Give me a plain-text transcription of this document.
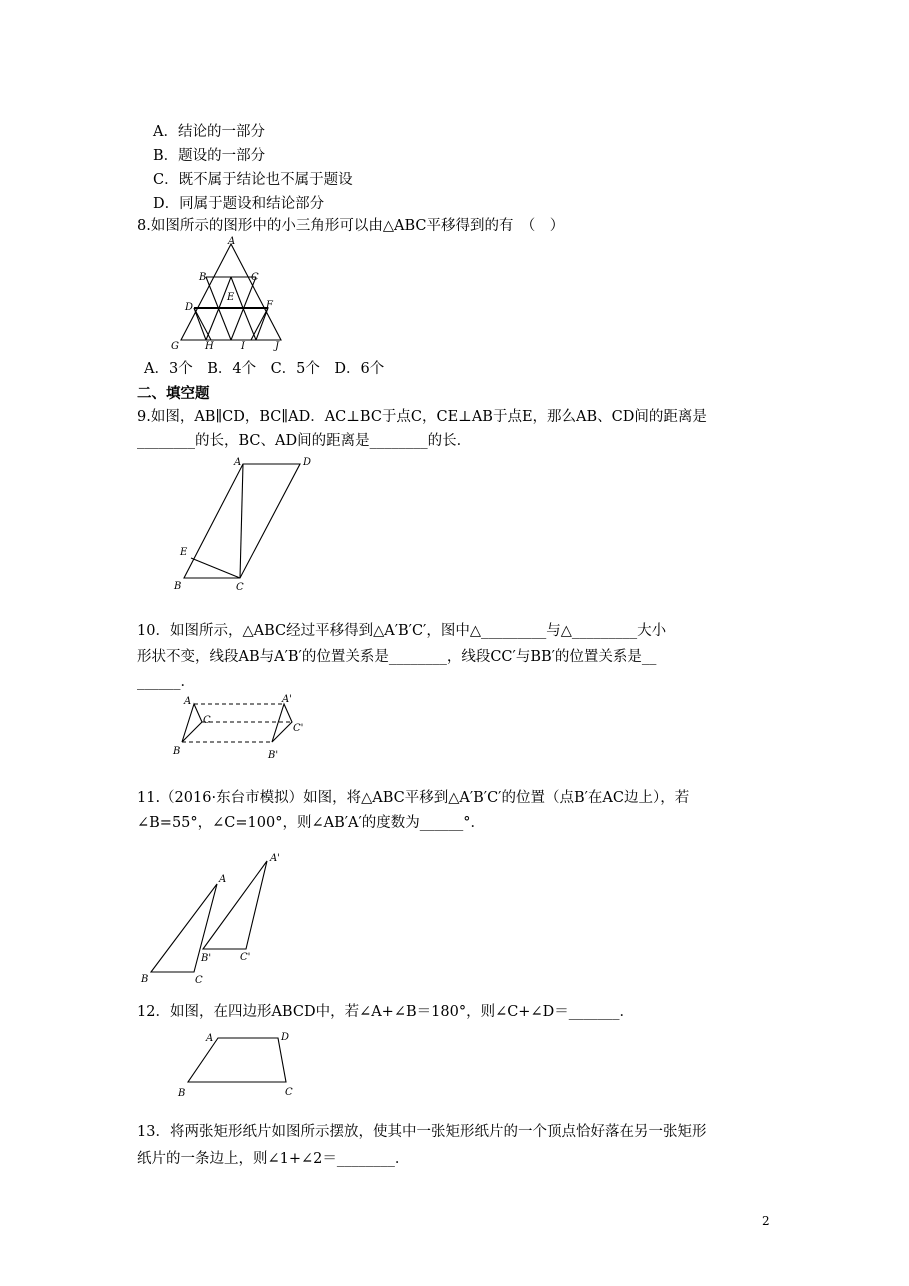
A．结论的一部分
B．题设的一部分
C．既不属于结论也不属于题设
D．同属于题设和结论部分
8.如图所示的图形中的小三角形可以由△ABC平移得到的有　（　）
A
B	C
D
E
F
G	H	I	J
A．3个　B．4个　C．5个　D．6个
二、填空题
9.如图，AB∥CD，BC∥AD．AC⊥BC于点C，CE⊥AB于点E，那么AB、CD间的距离是
________的长，BC、AD间的距离是________的长．
A	D
E
B	C
10．如图所示，△ABC经过平移得到△A′B′C′，图中△_________与△_________大小
形状不变，线段AB与A′B′的位置关系是________，线段CC′与BB′的位置关系是__
______．
A
C
B
A'
C'
B'
11.（2016·东台市模拟）如图，将△ABC平移到△A′B′C′的位置（点B′在AC边上），若
∠B=55°，∠C=100°，则∠AB′A′的度数为______°．
A
A'
B'	C'
B	C
12．如图，在四边形ABCD中，若∠A+∠B＝180°，则∠C+∠D＝_______．
A	D
B	C
13．将两张矩形纸片如图所示摆放，使其中一张矩形纸片的一个顶点恰好落在另一张矩形
纸片的一条边上，则∠1+∠2＝________．
2
